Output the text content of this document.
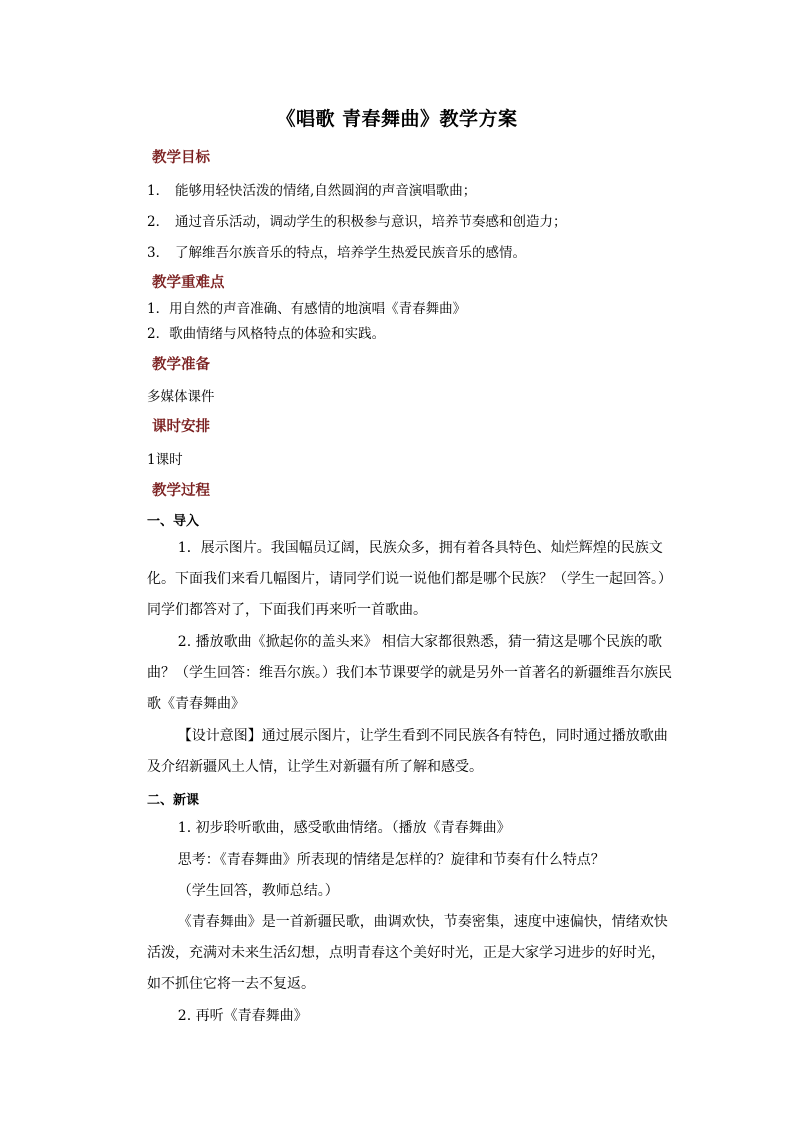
《唱歌 青春舞曲》教学方案
教学目标
1． 能够用轻快活泼的情绪,自然圆润的声音演唱歌曲；
2． 通过音乐活动，调动学生的积极参与意识，培养节奏感和创造力；
3． 了解维吾尔族音乐的特点，培养学生热爱民族音乐的感情。
教学重难点
1．用自然的声音准确、有感情的地演唱《青春舞曲》
2．歌曲情绪与风格特点的体验和实践。
教学准备
多媒体课件
课时安排
1课时
教学过程
一、导入
1．展示图片。我国幅员辽阔，民族众多，拥有着各具特色、灿烂辉煌的民族文化。下面我们来看几幅图片，请同学们说一说他们都是哪个民族？（学生一起回答。）同学们都答对了，下面我们再来听一首歌曲。
2. 播放歌曲《掀起你的盖头来》 相信大家都很熟悉，猜一猜这是哪个民族的歌曲？（学生回答：维吾尔族。）我们本节课要学的就是另外一首著名的新疆维吾尔族民歌《青春舞曲》
【设计意图】通过展示图片，让学生看到不同民族各有特色，同时通过播放歌曲及介绍新疆风土人情，让学生对新疆有所了解和感受。
二、新课
1. 初步聆听歌曲，感受歌曲情绪。（播放《青春舞曲》
思考：《青春舞曲》所表现的情绪是怎样的？旋律和节奏有什么特点？
（学生回答，教师总结。）
《青春舞曲》是一首新疆民歌，曲调欢快，节奏密集，速度中速偏快，情绪欢快活泼，充满对未来生活幻想，点明青春这个美好时光，正是大家学习进步的好时光，如不抓住它将一去不复返。
2. 再听《青春舞曲》
